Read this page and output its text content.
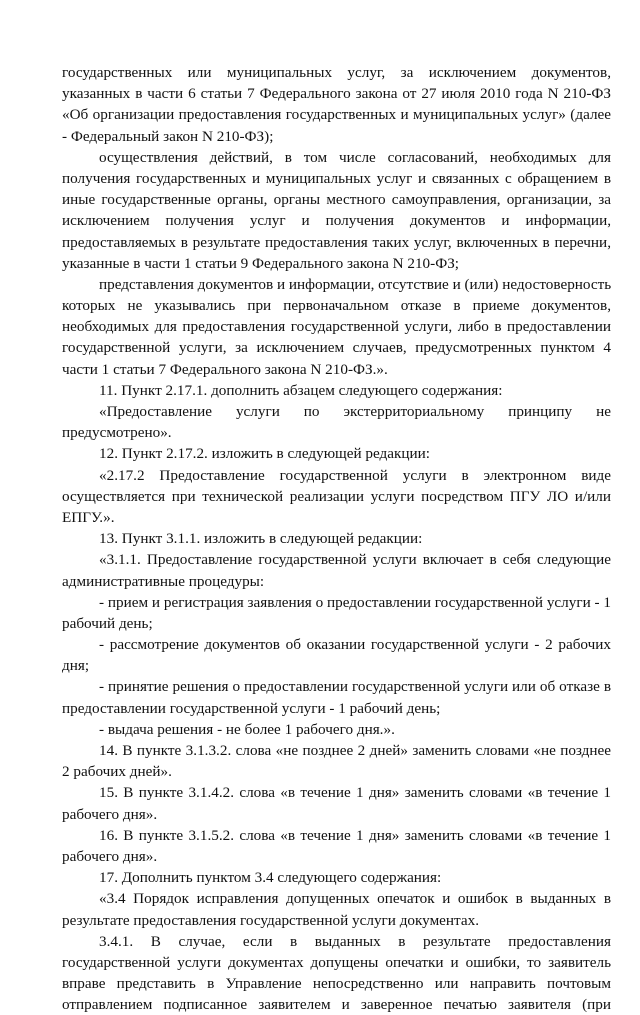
государственных или муниципальных услуг, за исключением документов,
указанных в части 6 статьи 7 Федерального закона от 27 июля 2010 года N 210-ФЗ
«Об организации предоставления государственных и муниципальных услуг» (далее
- Федеральный закон N 210-ФЗ);
осуществления действий, в том числе согласований, необходимых для
получения государственных и муниципальных услуг и связанных с обращением в
иные государственные органы, органы местного самоуправления, организации, за
исключением получения услуг и получения документов и информации,
предоставляемых в результате предоставления таких услуг, включенных в перечни,
указанные в части 1 статьи 9 Федерального закона N 210-ФЗ;
представления документов и информации, отсутствие и (или) недостоверность
которых не указывались при первоначальном отказе в приеме документов,
необходимых для предоставления государственной услуги, либо в предоставлении
государственной услуги, за исключением случаев, предусмотренных пунктом 4
части 1 статьи 7 Федерального закона N 210-ФЗ.».
11. Пункт 2.17.1. дополнить абзацем следующего содержания:
«Предоставление услуги по экстерриториальному принципу не
предусмотрено».
12. Пункт 2.17.2. изложить в следующей редакции:
«2.17.2 Предоставление государственной услуги в электронном виде
осуществляется при технической реализации услуги посредством ПГУ ЛО и/или
ЕПГУ.».
13. Пункт 3.1.1. изложить в следующей редакции:
«3.1.1. Предоставление государственной услуги включает в себя следующие
административные процедуры:
- прием и регистрация заявления о предоставлении государственной услуги - 1
рабочий день;
- рассмотрение документов об оказании государственной услуги - 2 рабочих
дня;
- принятие решения о предоставлении государственной услуги или об отказе в
предоставлении государственной услуги - 1 рабочий день;
- выдача решения - не более 1 рабочего дня.».
14. В пункте 3.1.3.2. слова «не позднее 2 дней» заменить словами «не позднее
2 рабочих дней».
15. В пункте 3.1.4.2. слова «в течение 1 дня» заменить словами «в течение 1
рабочего дня».
16. В пункте 3.1.5.2. слова «в течение 1 дня» заменить словами «в течение 1
рабочего дня».
17. Дополнить пунктом 3.4 следующего содержания:
«3.4 Порядок исправления допущенных опечаток и ошибок в выданных в
результате предоставления государственной услуги документах.
3.4.1. В случае, если в выданных в результате предоставления
государственной услуги документах допущены опечатки и ошибки, то заявитель
вправе представить в Управление непосредственно или направить почтовым
отправлением подписанное заявителем и заверенное печатью заявителя (при
